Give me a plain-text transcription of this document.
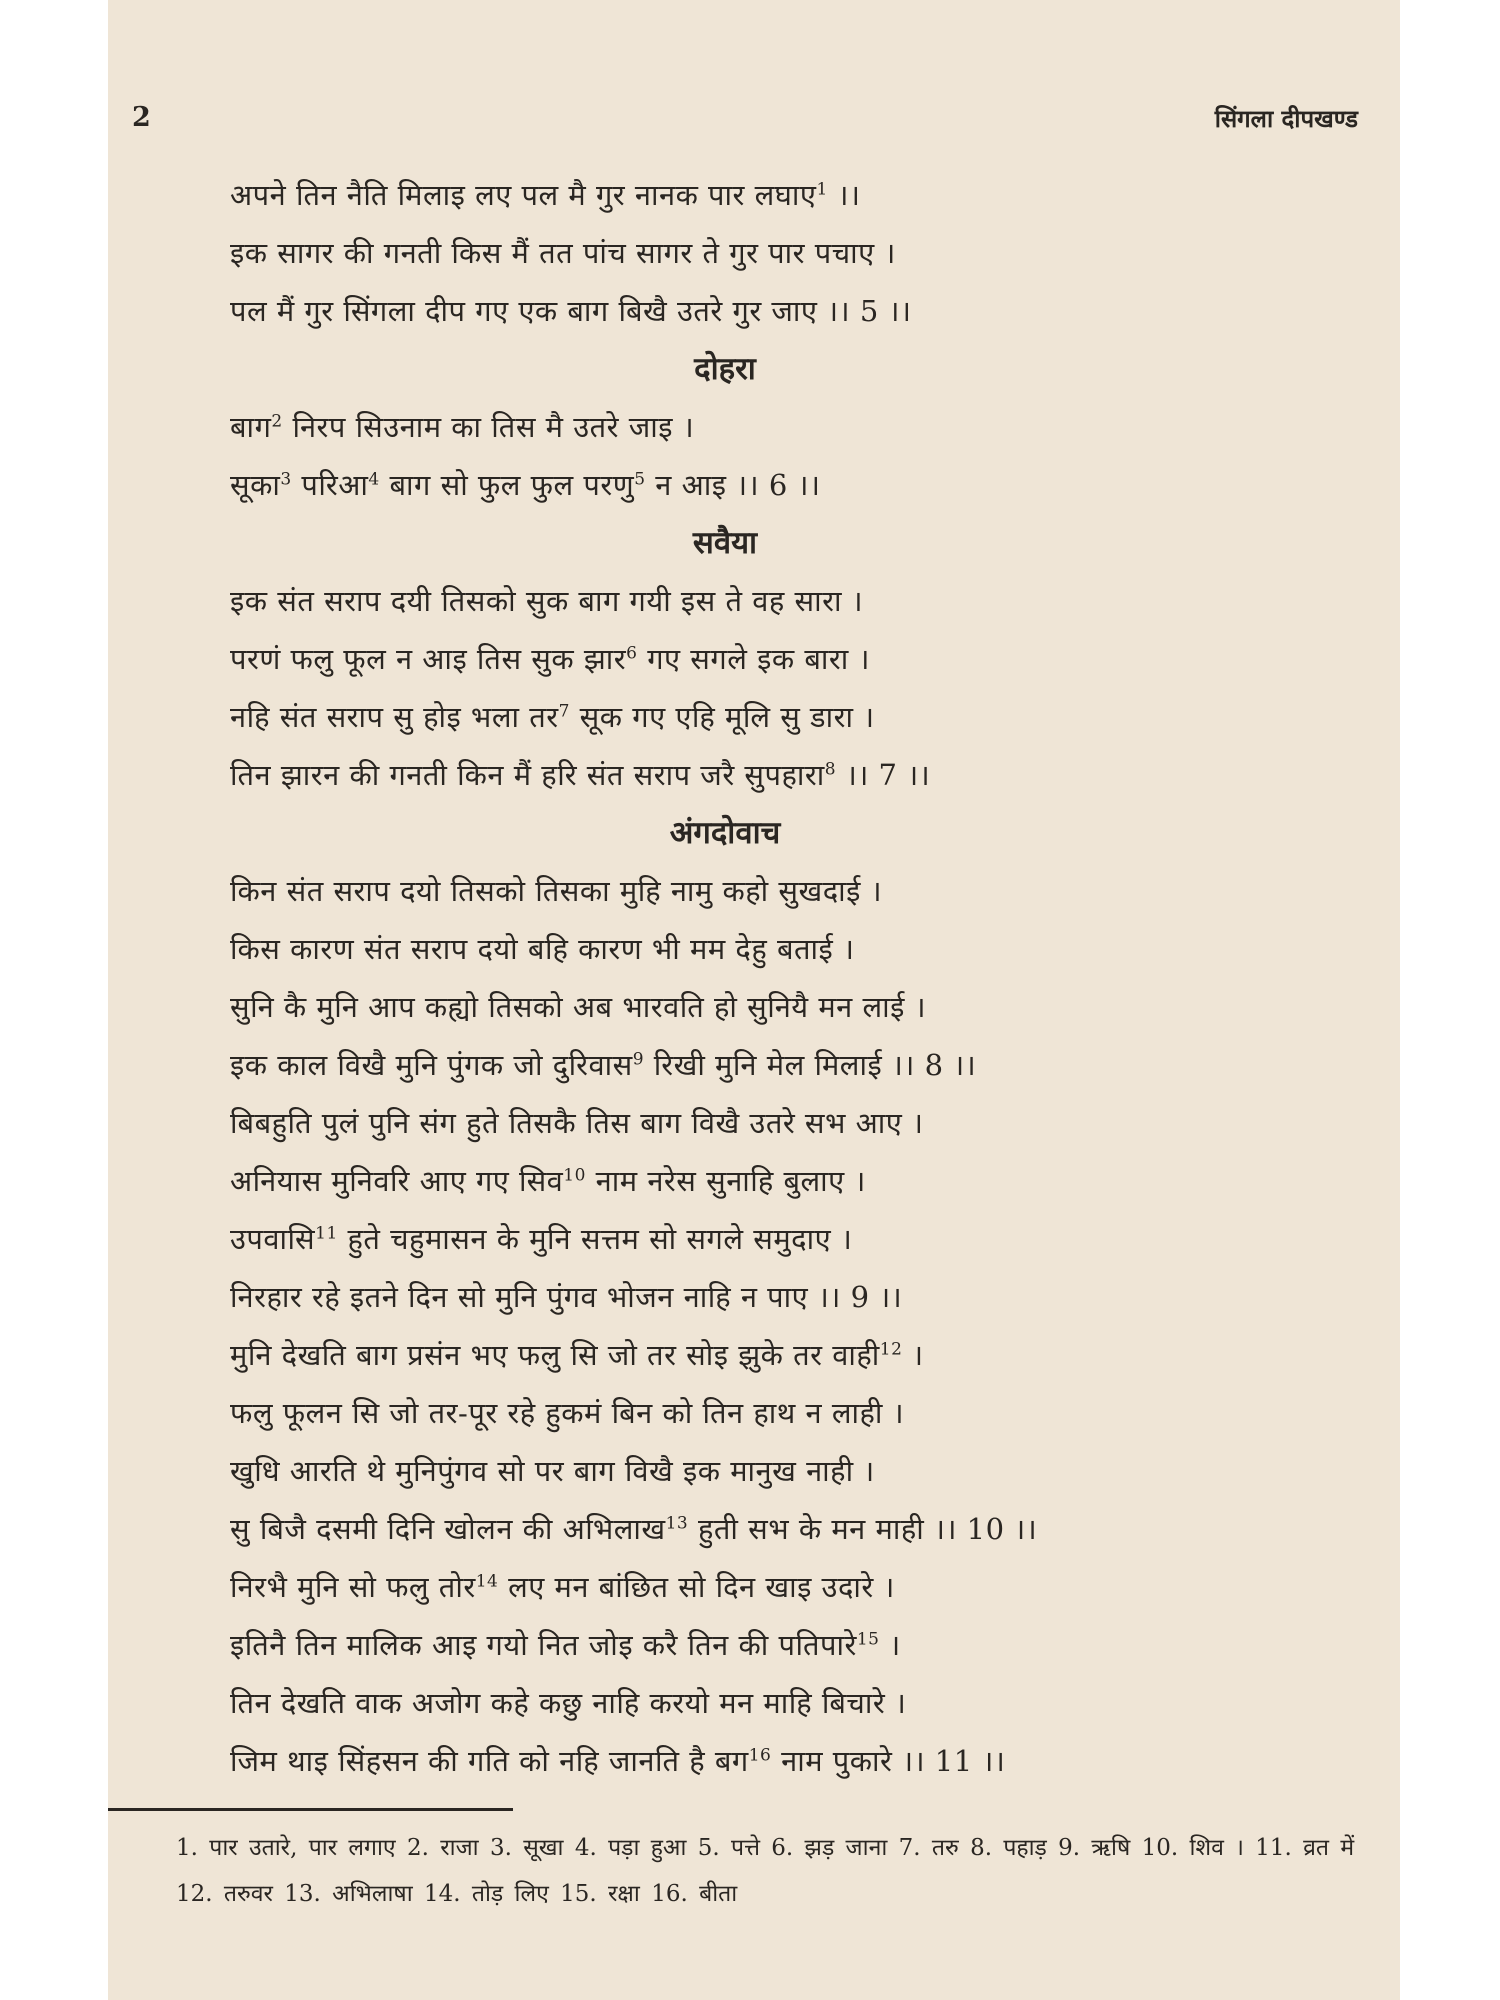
2	सिंगला दीपखण्ड
अपने तिन नैति मिलाइ लए पल मै गुर नानक पार लघाए$^1$ ।।
इक सागर की गनती किस मैं तत पांच सागर ते गुर पार पचाए ।
पल मैं गुर सिंगला दीप गए एक बाग बिखै उतरे गुर जाए ।। 5 ।।
दोहरा
बाग$^2$ निरप सिउनाम का तिस मै उतरे जाइ ।
सूका$^3$ परिआ$^4$ बाग सो फुल फुल परणु$^5$ न आइ ।। 6 ।।
सवैया
इक संत सराप दयी तिसको सुक बाग गयी इस ते वह सारा ।
परणं फलु फूल न आइ तिस सुक झार$^6$ गए सगले इक बारा ।
नहि संत सराप सु होइ भला तर$^7$ सूक गए एहि मूलि सु डारा ।
तिन झारन की गनती किन मैं हरि संत सराप जरै सुपहारा$^8$ ।। 7 ।।
अंगदोवाच
किन संत सराप दयो तिसको तिसका मुहि नामु कहो सुखदाई ।
किस कारण संत सराप दयो बहि कारण भी मम देहु बताई ।
सुनि कै मुनि आप कह्यो तिसको अब भारवति हो सुनियै मन लाई ।
इक काल विखै मुनि पुंगक जो दुरिवास$^9$ रिखी मुनि मेल मिलाई ।। 8 ।।
बिबहुति पुलं पुनि संग हुते तिसकै तिस बाग विखै उतरे सभ आए ।
अनियास मुनिवरि आए गए सिव$^{10}$ नाम नरेस सुनाहि बुलाए ।
उपवासि$^{11}$ हुते चहुमासन के मुनि सत्तम सो सगले समुदाए ।
निरहार रहे इतने दिन सो मुनि पुंगव भोजन नाहि न पाए ।। 9 ।।
मुनि देखति बाग प्रसंन भए फलु सि जो तर सोइ झुके तर वाही$^{12}$ ।
फलु फूलन सि जो तर-पूर रहे हुकमं बिन को तिन हाथ न लाही ।
खुधि आरति थे मुनिपुंगव सो पर बाग विखै इक मानुख नाही ।
सु बिजै दसमी दिनि खोलन की अभिलाख$^{13}$ हुती सभ के मन माही ।। 10 ।।
निरभै मुनि सो फलु तोर$^{14}$ लए मन बांछित सो दिन खाइ उदारे ।
इतिनै तिन मालिक आइ गयो नित जोइ करै तिन की पतिपारे$^{15}$ ।
तिन देखति वाक अजोग कहे कछु नाहि करयो मन माहि बिचारे ।
जिम थाइ सिंहसन की गति को नहि जानति है बग$^{16}$ नाम पुकारे ।। 11 ।।
1. पार उतारे, पार लगाए 2. राजा 3. सूखा 4. पड़ा हुआ 5. पत्ते 6. झड़ जाना 7. तरु 8. पहाड़ 9. ऋषि 10. शिव । 11. व्रत में 12. तरुवर 13. अभिलाषा 14. तोड़ लिए 15. रक्षा 16. बीता
